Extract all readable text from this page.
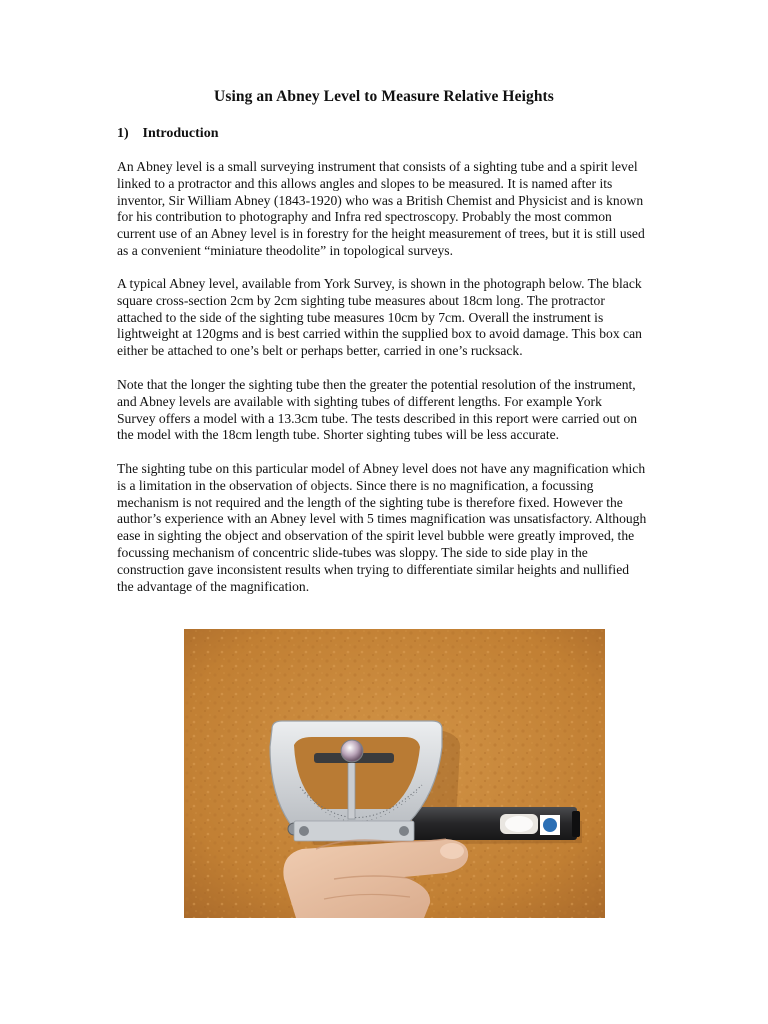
Using an Abney Level to Measure Relative Heights
1) Introduction
An Abney level is a small surveying instrument that consists of a sighting tube and a spirit level
linked to a protractor and this allows angles and slopes to be measured. It is named after its
inventor, Sir William Abney (1843-1920) who was a British Chemist and Physicist and is known
for his contribution to photography and Infra red spectroscopy. Probably the most common
current use of an Abney level is in forestry for the height measurement of trees, but it is still used
as a convenient “miniature theodolite” in topological surveys.
A typical Abney level, available from York Survey, is shown in the photograph below. The black
square cross-section 2cm by 2cm sighting tube measures about 18cm long. The protractor
attached to the side of the sighting tube measures 10cm by 7cm. Overall the instrument is
lightweight at 120gms and is best carried within the supplied box to avoid damage. This box can
either be attached to one’s belt or perhaps better, carried in one’s rucksack.
Note that the longer the sighting tube then the greater the potential resolution of the instrument,
and Abney levels are available with sighting tubes of different lengths. For example York
Survey offers a model with a 13.3cm tube. The tests described in this report were carried out on
the model with the 18cm length tube. Shorter sighting tubes will be less accurate.
The sighting tube on this particular model of Abney level does not have any magnification which
is a limitation in the observation of objects. Since there is no magnification, a focussing
mechanism is not required and the length of the sighting tube is therefore fixed. However the
author’s experience with an Abney level with 5 times magnification was unsatisfactory. Although
ease in sighting the object and observation of the spirit level bubble were greatly improved, the
focussing mechanism of concentric slide-tubes was sloppy. The side to side play in the
construction gave inconsistent results when trying to differentiate similar heights and nullified
the advantage of the magnification.
